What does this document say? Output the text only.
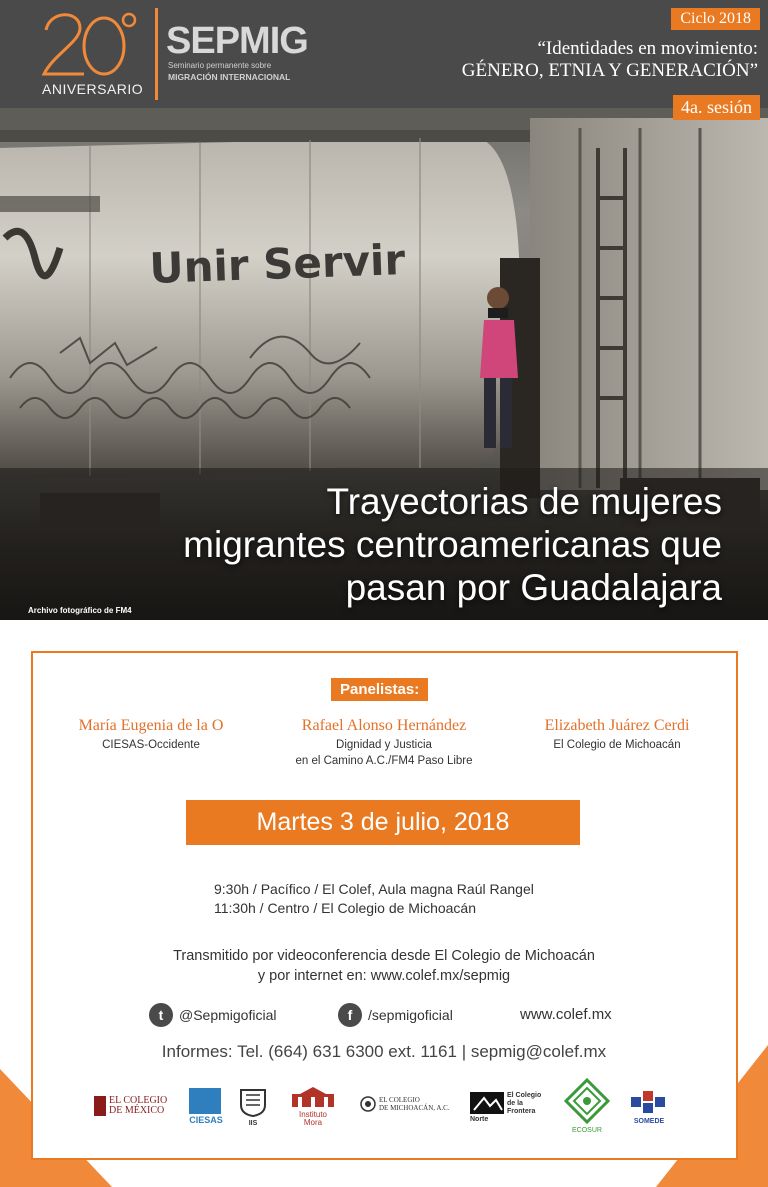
ANIVERSARIO
SEPMIG
Seminario permanente sobre
MIGRACIÓN INTERNACIONAL
Ciclo 2018
“Identidades en movimiento:
GÉNERO, ETNIA Y GENERACIÓN”
4a. sesión
Unir Servir
Trayectorias de mujeres
migrantes centroamericanas que
pasan por Guadalajara
Archivo fotográfico de FM4
Panelistas:
María Eugenia de la O
CIESAS-Occidente
Rafael Alonso Hernández
Dignidad y Justicia
en el Camino A.C./FM4 Paso Libre
Elizabeth Juárez Cerdi
El Colegio de Michoacán
Martes 3 de julio, 2018
9:30h / Pacífico / El Colef, Aula magna Raúl Rangel
11:30h / Centro / El Colegio de Michoacán
Transmitido por videoconferencia desde El Colegio de Michoacán
y por internet en: www.colef.mx/sepmig
t	@Sepmigoficial	f	/sepmigoficial	www.colef.mx
Informes: Tel. (664) 631 6300 ext. 1161 | sepmig@colef.mx
EL COLEGIO
DE MÉXICO
CIESAS	IIS
Instituto
Mora
EL COLEGIO
DE MICHOACÁN, A.C.
El Colegio
de la Frontera
Norte
ECOSUR
SOMEDE
